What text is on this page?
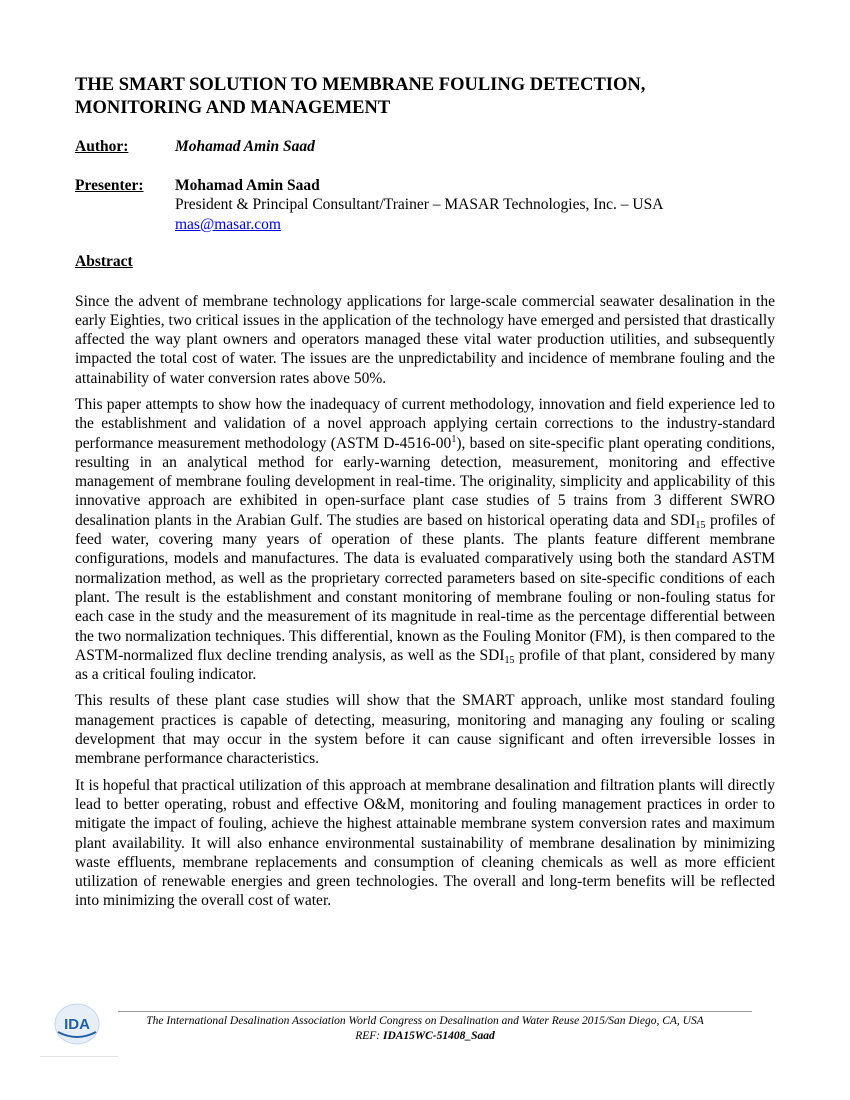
THE SMART SOLUTION TO MEMBRANE FOULING DETECTION,
MONITORING AND MANAGEMENT
Author:	Mohamad Amin Saad
Presenter:	Mohamad Amin Saad
President & Principal Consultant/Trainer – MASAR Technologies, Inc. – USA
mas@masar.com
Abstract

Since the advent of membrane technology applications for large-scale commercial seawater desalination in the early Eighties, two critical issues in the application of the technology have emerged and persisted that drastically affected the way plant owners and operators managed these vital water production utilities, and subsequently impacted the total cost of water. The issues are the unpredictability and incidence of membrane fouling and the attainability of water conversion rates above 50%.

This paper attempts to show how the inadequacy of current methodology, innovation and field experience led to the establishment and validation of a novel approach applying certain corrections to the industry-standard performance measurement methodology (ASTM $D-4516-00^1$), based on site-specific plant operating conditions, resulting in an analytical method for early-warning detection, measurement, monitoring and effective management of membrane fouling development in real-time. The originality, simplicity and applicability of this innovative approach are exhibited in open-surface plant case studies of 5 trains from 3 different SWRO desalination plants in the Arabian Gulf. The studies are based on historical operating data and $SDI_{15}$ profiles of feed water, covering many years of operation of these plants. The plants feature different membrane configurations, models and manufactures. The data is evaluated comparatively using both the standard ASTM normalization method, as well as the proprietary corrected parameters based on site-specific conditions of each plant. The result is the establishment and constant monitoring of membrane fouling or non-fouling status for each case in the study and the measurement of its magnitude in real-time as the percentage differential between the two normalization techniques. This differential, known as the Fouling Monitor (FM), is then compared to the ASTM-normalized flux decline trending analysis, as well as the $SDI_{15}$ profile of that plant, considered by many as a critical fouling indicator.

This results of these plant case studies will show that the SMART approach, unlike most standard fouling management practices is capable of detecting, measuring, monitoring and managing any fouling or scaling development that may occur in the system before it can cause significant and often irreversible losses in membrane performance characteristics.

It is hopeful that practical utilization of this approach at membrane desalination and filtration plants will directly lead to better operating, robust and effective O&M, monitoring and fouling management practices in order to mitigate the impact of fouling, achieve the highest attainable membrane system conversion rates and maximum plant availability. It will also enhance environmental sustainability of membrane desalination by minimizing waste effluents, membrane replacements and consumption of cleaning chemicals as well as more efficient utilization of renewable energies and green technologies. The overall and long-term benefits will be reflected into minimizing the overall cost of water.

IDA	The International Desalination Association World Congress on Desalination and Water Reuse 2015/San Diego, CA, USA
REF: IDA15WC-51408_Saad
